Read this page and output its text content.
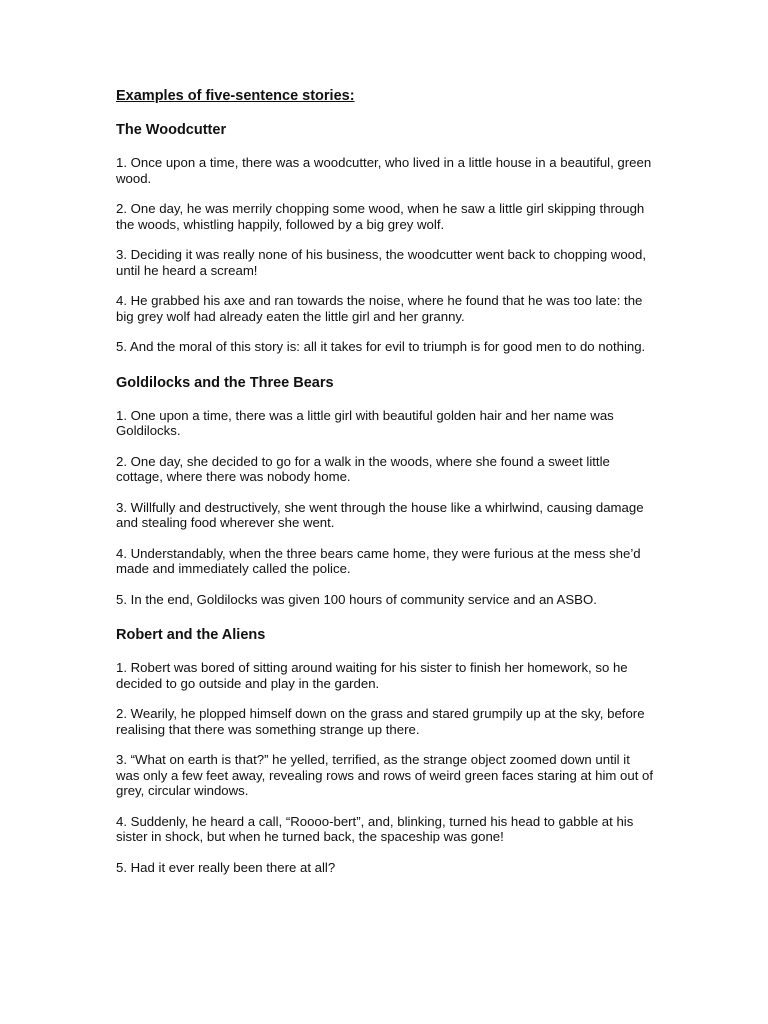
Examples of five-sentence stories:
The Woodcutter
1. Once upon a time, there was a woodcutter, who lived in a little house in a beautiful, green wood.
2. One day, he was merrily chopping some wood, when he saw a little girl skipping through the woods, whistling happily, followed by a big grey wolf.
3. Deciding it was really none of his business, the woodcutter went back to chopping wood, until he heard a scream!
4. He grabbed his axe and ran towards the noise, where he found that he was too late: the big grey wolf had already eaten the little girl and her granny.
5. And the moral of this story is: all it takes for evil to triumph is for good men to do nothing.
Goldilocks and the Three Bears
1. One upon a time, there was a little girl with beautiful golden hair and her name was Goldilocks.
2. One day, she decided to go for a walk in the woods, where she found a sweet little cottage, where there was nobody home.
3. Willfully and destructively, she went through the house like a whirlwind, causing damage and stealing food wherever she went.
4. Understandably, when the three bears came home, they were furious at the mess she’d made and immediately called the police.
5. In the end, Goldilocks was given 100 hours of community service and an ASBO.
Robert and the Aliens
1. Robert was bored of sitting around waiting for his sister to finish her homework, so he decided to go outside and play in the garden.
2. Wearily, he plopped himself down on the grass and stared grumpily up at the sky, before realising that there was something strange up there.
3. “What on earth is that?” he yelled, terrified, as the strange object zoomed down until it was only a few feet away, revealing rows and rows of weird green faces staring at him out of grey, circular windows.
4. Suddenly, he heard a call, “Roooo-bert”, and, blinking, turned his head to gabble at his sister in shock, but when he turned back, the spaceship was gone!
5. Had it ever really been there at all?
